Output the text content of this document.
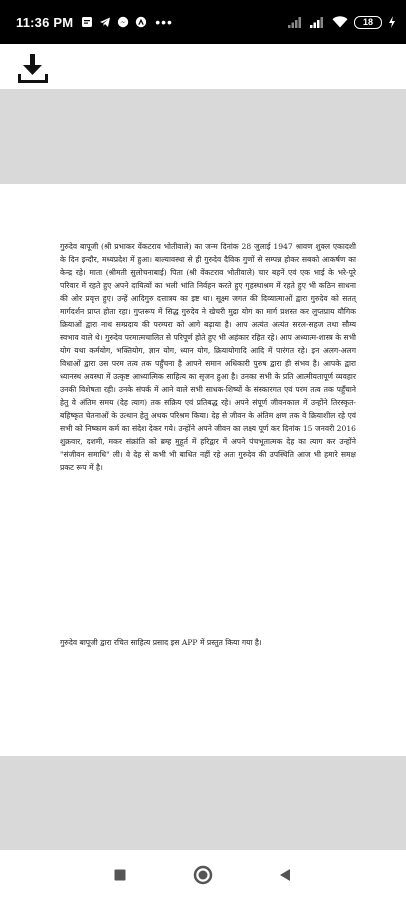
11:36 PM	•••	18

गुरुदेव बापूजी (श्री प्रभाकर वेंकटराव भोतीवाले) का जन्म दिनांक 28 जुलाई 1947 श्रावण शुक्ल एकादशी के दिन इन्दौर, मध्यप्रदेश में हुआ। बाल्यावस्था से ही गुरुदेव दैविक गुणों से सम्पन्न होकर सबको आकर्षण का केन्द्र रहे। माता (श्रीमती सुलोचनाबाई) पिता (श्री वेंकटराव भोतीवाले) चार बहनें एवं एक भाई के भरे-पूरे परिवार में रहते हुए अपने दायित्वों का भली भांति निर्वहन करते हुए गृहस्थाश्रम में रहते हुए भी कठिन साधना की ओर प्रवृत्त हुए। उन्हें आदिगुरु दत्तात्रय का इष्ट था। सूक्ष्म जगत की दिव्यात्माओं द्वारा गुरुदेव को सतत् मार्गदर्शन प्राप्त होता रहा। गुप्तरूप में सिद्ध गुरुदेव ने खेचरी मुद्रा योग का मार्ग प्रशस्त कर लुप्तप्राय यौगिक क्रियाओं द्वारा नाथ सम्प्रदाय की परम्परा को आगे बढ़ाया है। आप अत्यंत अत्यंत सरल-सहज तथा सौम्य स्वभाव वाले थे। गुरुदेव परमात्मचालित से परिपूर्ण होते हुए भी अहंकार रहित रहे। आप अध्यात्म-शास्त्र के सभी योग यथा कर्मयोग, भक्तियोग, ज्ञान योग, ध्यान योग, क्रियायोगादि आदि में पारंगत रहे। इन अलग-अलग विधाओं द्वारा उस परम तत्व तक पहुँचना है आपने समान अधिकारी पुरुष द्वारा ही संभव है। आपके द्वारा ध्यानस्थ अवस्था में उत्कृष्ट आध्यात्मिक साहित्य का सृजन हुआ है। उनका सभी के प्रति आत्मीयतापूर्ण व्यवहार उनकी विशेषता रही। उनके संपर्क में आने वाले सभी साधक-शिष्यों के संस्कारगत एवं परम तत्व तक पहुँचाने हेतु वे अंतिम समय (देह त्याग) तक सक्रिय एवं प्रतिबद्ध रहे। अपने संपूर्ण जीवनकाल में उन्होंने तिरस्कृत-बहिष्कृत चेतनाओं के उत्थान हेतु अथक परिश्रम किया। देह से जीवन के अंतिम क्षण तक वे क्रियाशील रहे एवं सभी को निष्काम कर्म का संदेश देकर गये। उन्होंने अपने जीवन का लक्ष्य पूर्ण कर दिनांक 15 जनवरी 2016 शुक्रवार, दशमी, मकर संक्रांति को ब्रम्ह मुहूर्त में हरिद्वार में अपने पंचभूतात्मक देह का त्याग कर उन्होंने "संजीवन समाधि" ली। वे देह से कभी भी बाधित नहीं रहे अतः गुरुदेव की उपस्थिति आज भी हमारे समक्ष प्रकट रूप में है।

गुरुदेव बापूजी द्वारा रचित साहित्य प्रसाद इस APP में प्रस्तुत किया गया है।
